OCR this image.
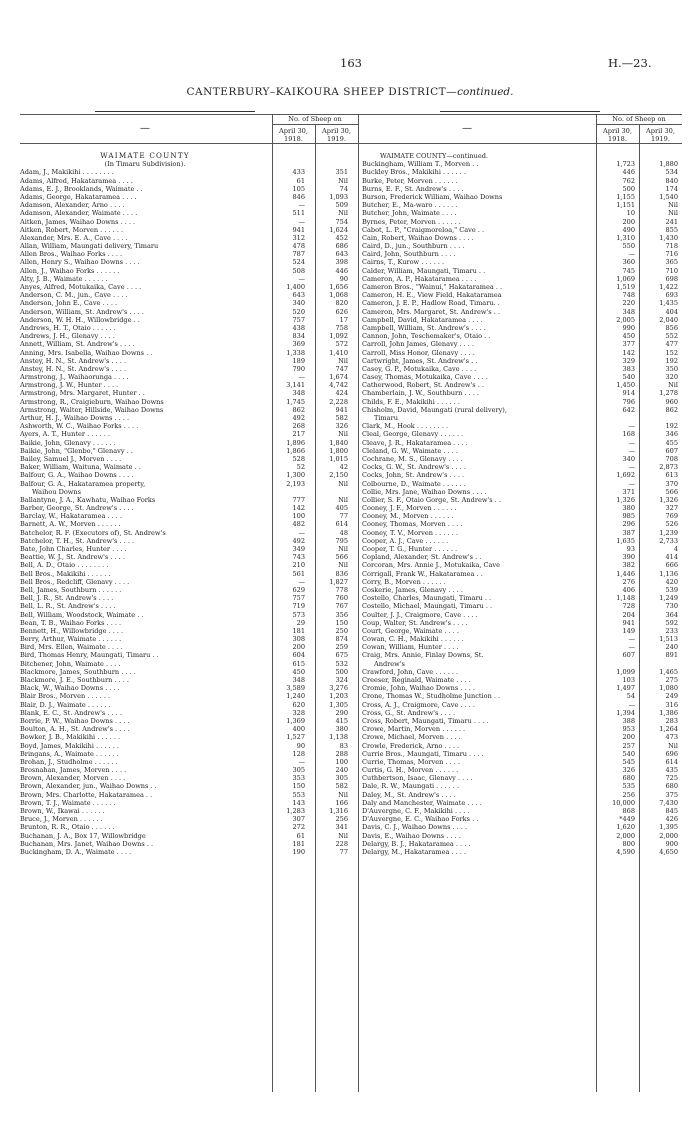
163	H.—23.
CANTERBURY–KAIKOURA SHEEP DISTRICT—continued.
—	—
No. of Sheep on	No. of Sheep on
April 30,
1918.
April 30,
1919.
April 30,
1918.
April 30,
1919.
WAIMATE COUNTY
(In Timaru Subdivision).
Adam, J., Makikihi . . . . . . . .	433	351
Adams, Alfred, Hakataramea . . . .	61	Nil
Adams, E. J., Brooklands, Waimate . .	105	74
Adams, George, Hakataramea . . . .	846	1,093
Adamson, Alexander, Arno . . . .	—	509
Adamson, Alexander, Waimate . . . .	511	Nil
Aitken, James, Waihao Downs . . . .	—	754
Aitken, Robert, Morven . . . . . .	941	1,624
Alexander, Mrs. E. A., Cave . . . .	312	452
Allan, William, Maungati delivery, Timaru	478	686
Allen Bros., Waihao Forks . . . .	787	643
Allen, Henry S., Waihao Downs . . . .	524	398
Allen, J., Waihao Forks . . . . . .	508	446
Alty, J. B., Waimate . . . . . .	—	90
Anyes, Alfred, Motukaika, Cave . . . .	1,400	1,656
Anderson, C. M., jun., Cave . . . .	643	1,068
Anderson, John E., Cave . . . .	340	820
Anderson, William, St. Andrew's . . . .	520	626
Anderson, W. H. H., Willowbridge . .	757	17
Andrews, H. T., Otaio . . . . . .	438	758
Andrews, J. H., Glenavy . . . .	834	1,092
Annett, William, St. Andrew's . . . .	369	572
Anning, Mrs. Isabella, Waihao Downs . .	1,338	1,410
Anstey, H. N., St. Andrew's . . . .	189	Nil
Anstey, H. N., St. Andrew's . . . .	790	747
Armstrong, J., Waihaorunga . . . .	—	1,674
Armstrong, J. W., Hunter . . . .	3,141	4,742
Armstrong, Mrs. Margaret, Hunter . .	348	424
Armstrong, R., Craigieburn, Waihao Downs	1,745	2,228
Armstrong, Walter, Hillside, Waihao Downs	862	941
Arthur, H. J., Waihao Downs . . . .	492	582
Ashworth, W. C., Waihao Forks . . . .	268	326
Ayers, A. T., Hunter . . . . . .	217	Nil
Baikie, John, Glenavy . . . . . .	1,896	1,840
Baikie, John, "Glenbo," Glenavy . .	1,866	1,800
Bailey, Samuel J., Morven . . . .	528	1,015
Baker, William, Waituna, Waimate . .	52	42
Balfour, G. A., Waihao Downs . . . .	1,300	2,150
Balfour, G. A., Hakataramea property,	2,193	Nil
Waihou Downs
Ballantyne, J. A., Kawhatu, Waihao Forks	777	Nil
Barber, George, St. Andrew's . . . .	142	405
Barclay, W., Hakataramea . . . .	100	77
Barnett, A. W., Morven . . . . . .	482	614
Batchelor, R. F. (Executors of), St. Andrew's	—	48
Batchelor, T. H., St. Andrew's . . . .	492	795
Bate, John Charles, Hunter . . . .	349	Nil
Beattie, W. J., St. Andrew's . . . .	743	566
Bell, A. D., Otaio . . . . . . . .	210	Nil
Bell Bros., Makikihi . . . . . .	561	836
Bell Bros., Redcliff, Glenavy . . . .	—	1,827
Bell, James, Southburn . . . . . .	629	778
Bell, J. R., St. Andrew's . . . .	757	760
Bell, L. R., St. Andrew's . . . .	719	767
Bell, William, Woodstock, Waimate . .	573	356
Bean, T. B., Waihao Forks . . . .	29	150
Bennett, H., Willowbridge . . . .	181	250
Berry, Arthur, Waimate . . . . . .	308	874
Bird, Mrs. Ellen, Waimate . . . .	200	259
Bird, Thomas Henry, Maungati, Timaru . .	604	675
Bitchener, John, Waimate . . . .	615	532
Blackmore, James, Southburn . . . .	450	500
Blackmore, J. E., Southburn . . . .	348	324
Black, W., Waihao Downs . . . .	3,589	3,276
Blair Bros., Morven . . . . . .	1,240	1,203
Blair, D. J., Waimate . . . . . .	620	1,305
Blank, E. C., St. Andrew's . . . .	328	290
Borrie, P. W., Waihao Downs . . . .	1,369	415
Boulton, A. H., St. Andrew's . . . .	400	380
Bowker, J. B., Makikihi . . . . . .	1,527	1,138
Boyd, James, Makikihi . . . . . .	90	83
Bringans, A., Waimate . . . . . .	128	288
Brohan, J., Studholme . . . . . .	—	100
Brosnahan, James, Morven . . . .	305	240
Brown, Alexander, Morven . . . .	353	305
Brown, Alexander, jun., Waihao Downs . .	150	582
Brown, Mrs. Charlotte, Hakataramea . .	553	Nil
Brown, T. J., Waimate . . . . . .	143	166
Brown, W., Ikawai . . . . . .	1,283	1,316
Bruce, J., Morven . . . . . .	307	256
Brunton, R. R., Otaio . . . . . .	272	341
Buchanan, J. A., Box 17, Willowbridge	61	Nil
Buchanan, Mrs. Janet, Waihao Downs . .	181	228
Buckingham, D. A., Waimate . . . .	190	77
WAIMATE COUNTY—continued.
Buckingham, William T., Morven . .	1,723	1,880
Buckley Bros., Makikihi . . . . . .	446	534
Burke, Peter, Morven . . . . . .	762	840
Burns, E. F., St. Andrew's . . . .	500	174
Burson, Frederick William, Waihao Downs	1,155	1,540
Butcher, E., Ma-waro . . . . . .	1,151	Nil
Butcher, John, Waimate . . . .	10	Nil
Byrnes, Peter, Morven . . . . . .	200	241
Cabot, L. P., "Craigmoreloa," Cave . .	490	855
Cain, Robert, Waihao Downs . . . .	1,310	1,430
Caird, D., jun., Southburn . . . .	550	718
Caird, John, Southburn . . . .	—	716
Cairns, T., Kurow . . . . . .	360	365
Calder, William, Maungati, Timaru . .	745	710
Cameron, A. P., Hakataramea . . . .	1,069	698
Cameron Bros., "Wainui," Hakataramea . .	1,519	1,422
Cameron, H. E., View Field, Hakataramea	748	693
Cameron, J. E. P., Hadlow Road, Timaru. .	220	1,435
Cameron, Mrs. Margaret, St. Andrew's . .	348	404
Campbell, David, Hakataramea . . . .	2,005	2,040
Campbell, William, St. Andrew's . . . .	990	856
Cannon, John, Teschemaker's, Otaio . .	450	552
Carroll, John James, Glenavy . . . .	377	477
Carroll, Miss Honor, Glenavy . . . .	142	152
Cartwright, James, St. Andrew's . .	329	192
Casey, G. P., Motukaika, Cave . . . .	383	350
Casey, Thomas, Motukaika, Cave . . . .	540	320
Catherwood, Robert, St. Andrew's . .	1,450	Nil
Chamberlain, J. W., Southburn . . . .	914	1,278
Childs, F. E., Makikihi . . . . . .	796	960
Chisholm, David, Maungati (rural delivery),	642	862
Timaru
Clark, M., Hook . . . . . . . .	—	192
Cleal, George, Glenavy . . . . . .	168	346
Cleave, J. R., Hakataramea . . . .	—	455
Cleland, G. W., Waimate . . . .	—	607
Cochrane, M. S., Glenavy . . . .	340	708
Cocks, G. W., St. Andrew's . . . .	—	2,873
Cocks, John, St. Andrew's . . . .	1,692	613
Colbourne, D., Waimate . . . . . .	—	370
Collie, Mrs. Jane, Waihao Downs . . . .	371	566
Collier, S. F., Otaio Gorge, St. Andrew's . .	1,326	1,326
Cooney, J. F., Morven . . . . . .	380	327
Cooney, M., Morven . . . . . .	985	769
Cooney, Thomas, Morven . . . .	296	526
Cooney, T. V., Morven . . . . . .	387	1,239
Cooper, A. J., Cave . . . . . .	1,635	2,733
Cooper, T. G., Hunter . . . . . .	93	4
Copland, Alexander, St. Andrew's . .	390	414
Corcoran, Mrs. Annie J., Motukaika, Cave	382	666
Corrigall, Frank W., Hakataramea . .	1,446	1,136
Corry, B., Morven . . . . . .	276	420
Coskerie, James, Glenavy . . . .	406	539
Costello, Charles, Maungati, Timaru . .	1,148	1,249
Costello, Michael, Maungati, Timaru . .	728	730
Coulter, J. J., Craigmore, Cave . . . .	204	364
Coup, Walter, St. Andrew's . . . .	941	592
Court, George, Waimate . . . .	149	233
Cowan, C. H., Makikihi . . . . . .	—	1,513
Cowan, William, Hunter . . . .	—	240
Craig, Mrs. Annie, Finlay Downs, St.	607	891
Andrew's
Crawford, John, Cave . . . . . .	1,099	1,465
Creeser, Reginald, Waimate . . . .	103	275
Cromie, John, Waihao Downs . . . .	1,497	1,080
Crone, Thomas W., Studholme Junction . .	54	249
Cross, A. J., Craigmore, Cave . . . .	—	316
Cross, G., St. Andrew's . . . .	1,394	1,386
Cross, Robert, Maungati, Timaru . . . .	388	283
Crowe, Martin, Morven . . . . . .	953	1,264
Crowe, Michael, Morven . . . .	200	473
Crowle, Frederick, Arno . . . .	257	Nil
Currie Bros., Maungati, Timaru . . . .	540	696
Currie, Thomas, Morven . . . .	545	614
Curtis, G. H., Morven . . . . . .	326	435
Cuthbertson, Isaac, Glenavy . . . .	680	725
Dale, R. W., Maungati . . . . . .	535	680
Daley, M., St. Andrew's . . . .	256	375
Daly and Manchester, Waimate . . . .	10,000	7,430
D'Auvergne, C. F., Makikihi . . . .	868	845
D'Auvergne, E. C., Waihao Forks . .	*449	426
Davis, C. J., Waihao Downs . . . .	1,620	1,395
Davis, E., Waihao Downs . . . .	2,000	2,000
Delargy, B. J., Hakataramea . . . .	800	900
Delargy, M., Hakataramea . . . .	4,590	4,650
